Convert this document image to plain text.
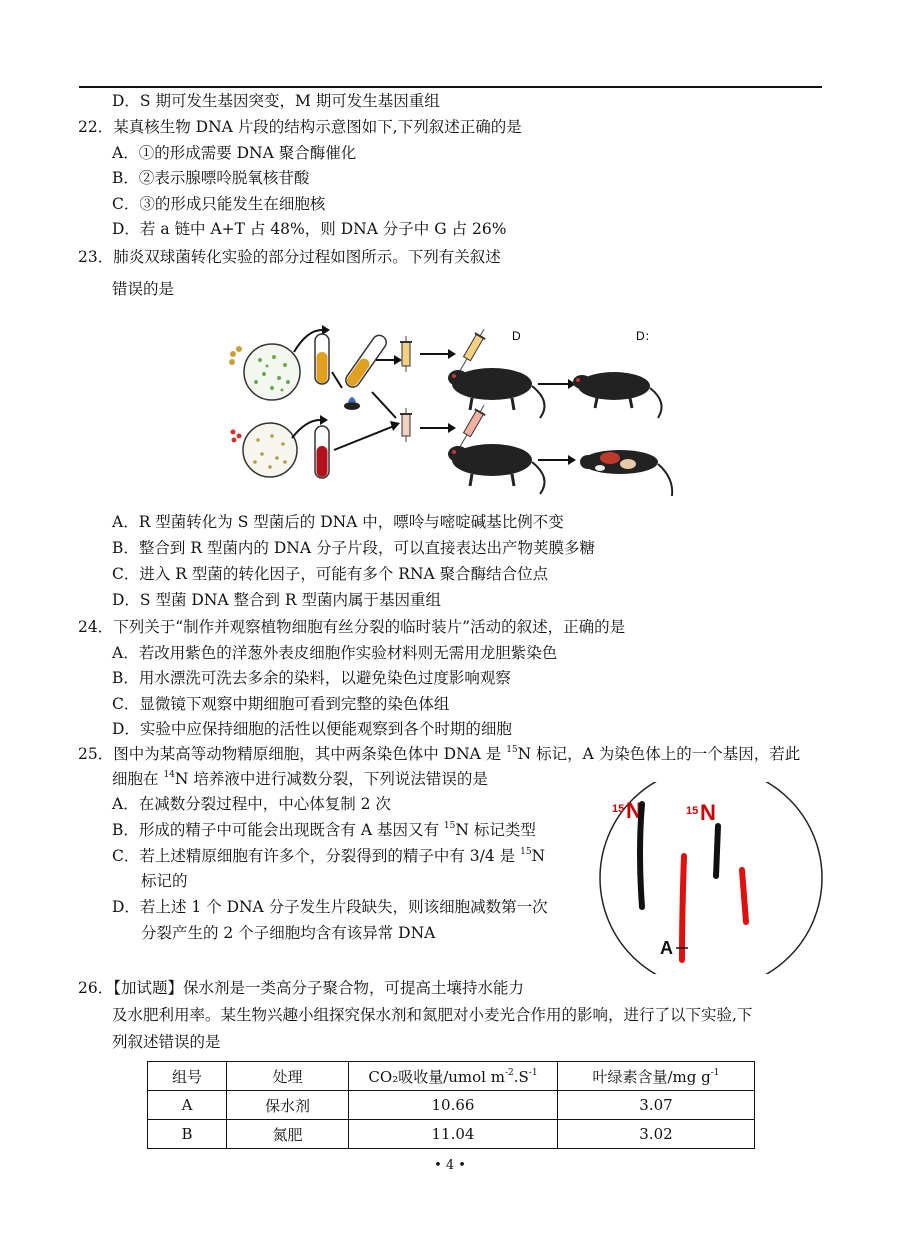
D．S 期可发生基因突变，M 期可发生基因重组
22．某真核生物 DNA 片段的结构示意图如下,下列叙述正确的是
A．①的形成需要 DNA 聚合酶催化
B．②表示腺嘌呤脱氧核苷酸
C．③的形成只能发生在细胞核
D．若 a 链中 A+T 占 48%，则 DNA 分子中 G 占 26%
23．肺炎双球菌转化实验的部分过程如图所示。下列有关叙述
错误的是
D	D：
A．R 型菌转化为 S 型菌后的 DNA 中，嘌呤与嘧啶碱基比例不变
B．整合到 R 型菌内的 DNA 分子片段，可以直接表达出产物荚膜多糖
C．进入 R 型菌的转化因子，可能有多个 RNA 聚合酶结合位点
D．S 型菌 DNA 整合到 R 型菌内属于基因重组
24．下列关于“制作并观察植物细胞有丝分裂的临时装片”活动的叙述，正确的是
A．若改用紫色的洋葱外表皮细胞作实验材料则无需用龙胆紫染色
B．用水漂洗可洗去多余的染料，以避免染色过度影响观察
C．显微镜下观察中期细胞可看到完整的染色体组
D．实验中应保持细胞的活性以便能观察到各个时期的细胞
25．图中为某高等动物精原细胞，其中两条染色体中 DNA 是 $^{15}$N 标记，A 为染色体上的一个基因，若此
细胞在 $^{14}$N 培养液中进行减数分裂，下列说法错误的是
A．在减数分裂过程中，中心体复制 2 次
B．形成的精子中可能会出现既含有 A 基因又有 $^{15}$N 标记类型
C．若上述精原细胞有许多个，分裂得到的精子中有 3/4 是 $^{15}$N
标记的
D．若上述 1 个 DNA 分子发生片段缺失，则该细胞减数第一次
分裂产生的 2 个子细胞均含有该异常 DNA
15 N	15 N
A
26．【加试题】保水剂是一类高分子聚合物，可提高土壤持水能力
及水肥利用率。某生物兴趣小组探究保水剂和氮肥对小麦光合作用的影响，进行了以下实验,下
列叙述错误的是
组号	处理	CO₂吸收量/umol $m^{-2}.S^{-1}$	叶绿素含量/mg $g^{-1}$
A	保水剂	10.66	3.07
B	氮肥	11.04	3.02
• 4 •
